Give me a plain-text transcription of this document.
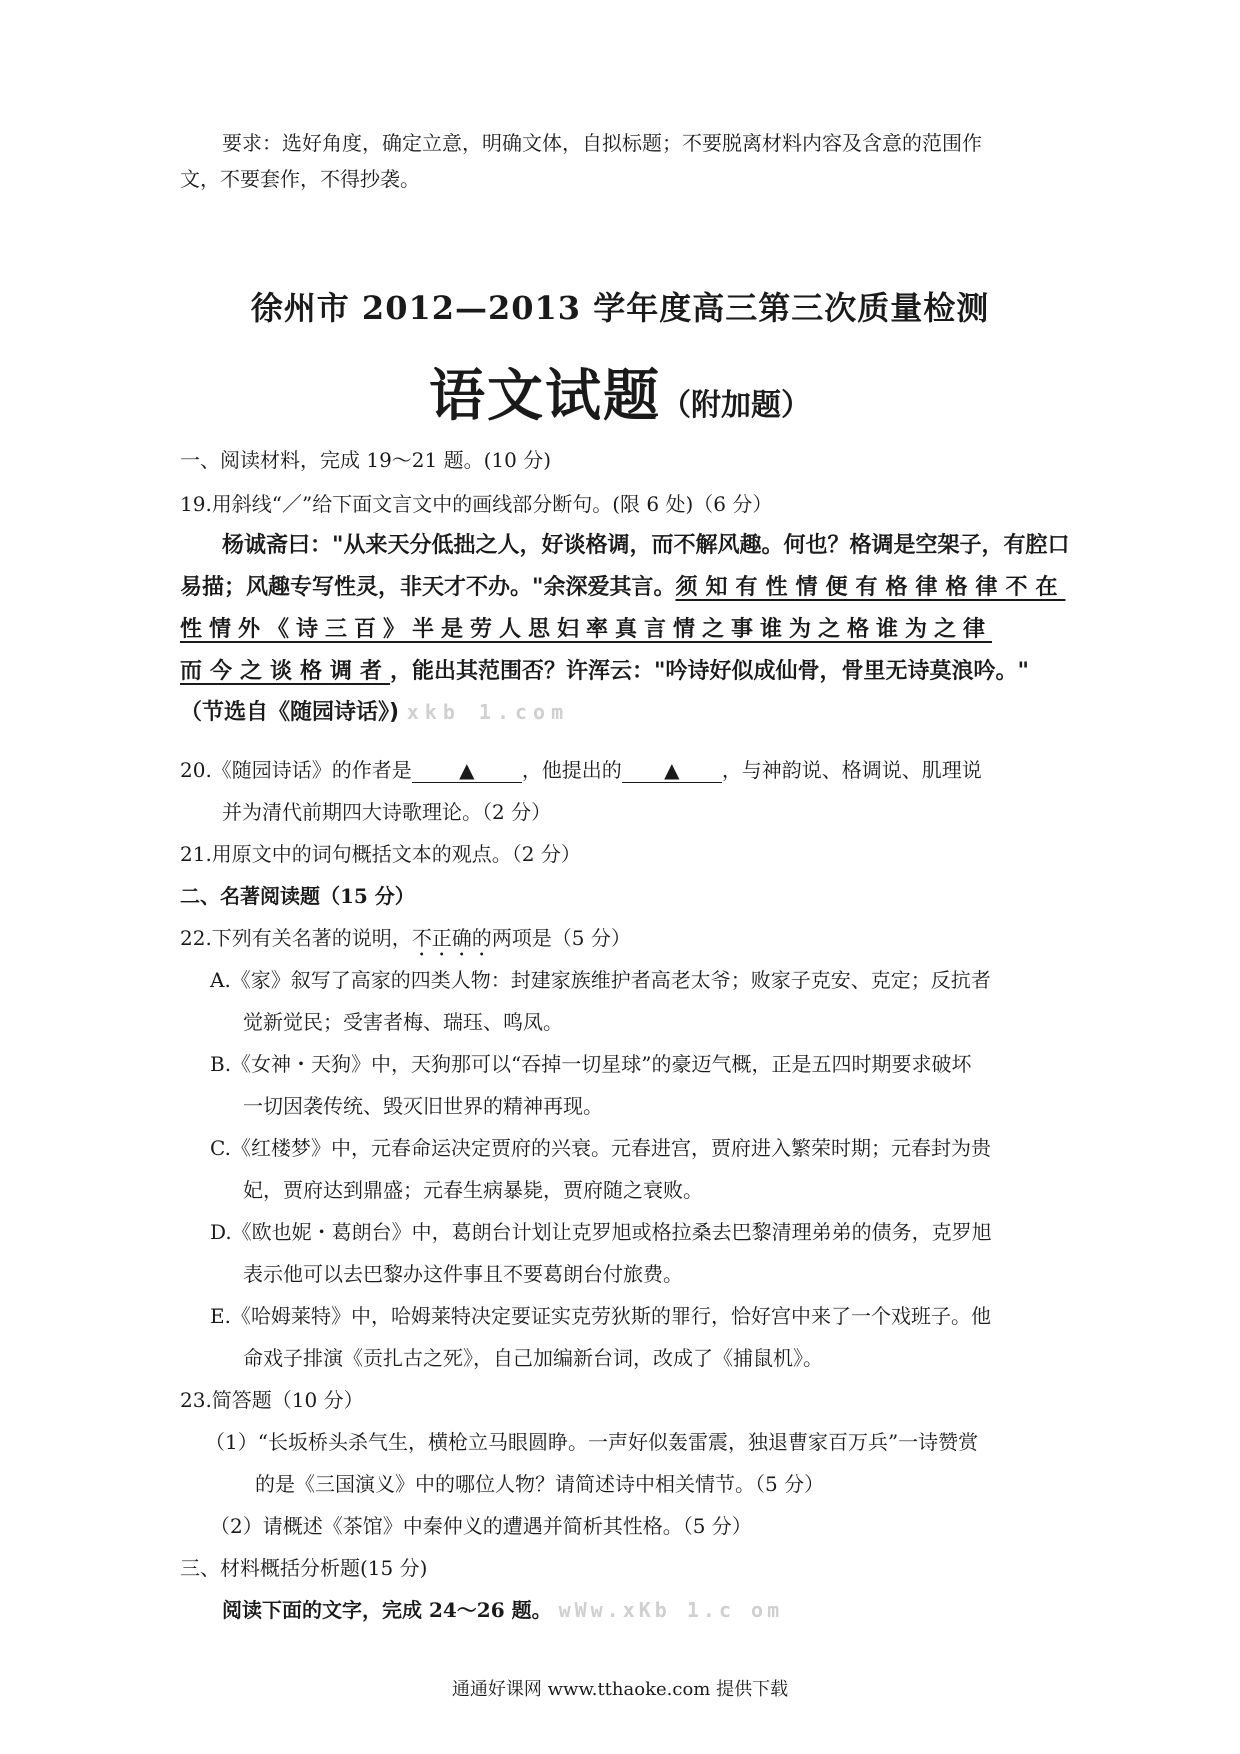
要求：选好角度，确定立意，明确文体，自拟标题；不要脱离材料内容及含意的范围作
文，不要套作，不得抄袭。
徐州市 2012—2013 学年度高三第三次质量检测
语文试题（附加题）
一、阅读材料，完成 19～21 题。(10 分)
19.用斜线“／”给下面文言文中的画线部分断句。(限 6 处)（6 分）
杨诚斋曰："从来天分低拙之人，好谈格调，而不解风趣。何也？格调是空架子，有腔口
易描；风趣专写性灵，非天才不办。"余深爱其言。须知有性情便有格律格律不在
性情外《诗三百》半是劳人思妇率真言情之事谁为之格谁为之律
而今之谈格调者，能出其范围否？许浑云："吟诗好似成仙骨，骨里无诗莫浪吟。"
（节选自《随园诗话》) xkb 1.com
20.《随园诗话》的作者是 ▲ ，他提出的 ▲ ，与神韵说、格调说、肌理说
并为清代前期四大诗歌理论。（2 分）
21.用原文中的词句概括文本的观点。（2 分）
二、名著阅读题（15 分）
22.下列有关名著的说明，不正确的两项是（5 分）
A.《家》叙写了高家的四类人物：封建家族维护者高老太爷；败家子克安、克定；反抗者
觉新觉民；受害者梅、瑞珏、鸣凤。
B.《女神・天狗》中，天狗那可以“吞掉一切星球”的豪迈气概，正是五四时期要求破坏
一切因袭传统、毁灭旧世界的精神再现。
C.《红楼梦》中，元春命运决定贾府的兴衰。元春进宫，贾府进入繁荣时期；元春封为贵
妃，贾府达到鼎盛；元春生病暴毙，贾府随之衰败。
D.《欧也妮・葛朗台》中，葛朗台计划让克罗旭或格拉桑去巴黎清理弟弟的债务，克罗旭
表示他可以去巴黎办这件事且不要葛朗台付旅费。
E.《哈姆莱特》中，哈姆莱特决定要证实克劳狄斯的罪行，恰好宫中来了一个戏班子。他
命戏子排演《贡扎古之死》，自己加编新台词，改成了《捕鼠机》。
23.简答题（10 分）
（1）“长坂桥头杀气生，横枪立马眼圆睁。一声好似轰雷震，独退曹家百万兵”一诗赞赏
的是《三国演义》中的哪位人物？请简述诗中相关情节。（5 分）
（2）请概述《茶馆》中秦仲义的遭遇并简析其性格。（5 分）
三、材料概括分析题(15 分)
阅读下面的文字，完成 24～26 题。 wWw.xKb 1.c om
通通好课网 www.tthaoke.com 提供下载
